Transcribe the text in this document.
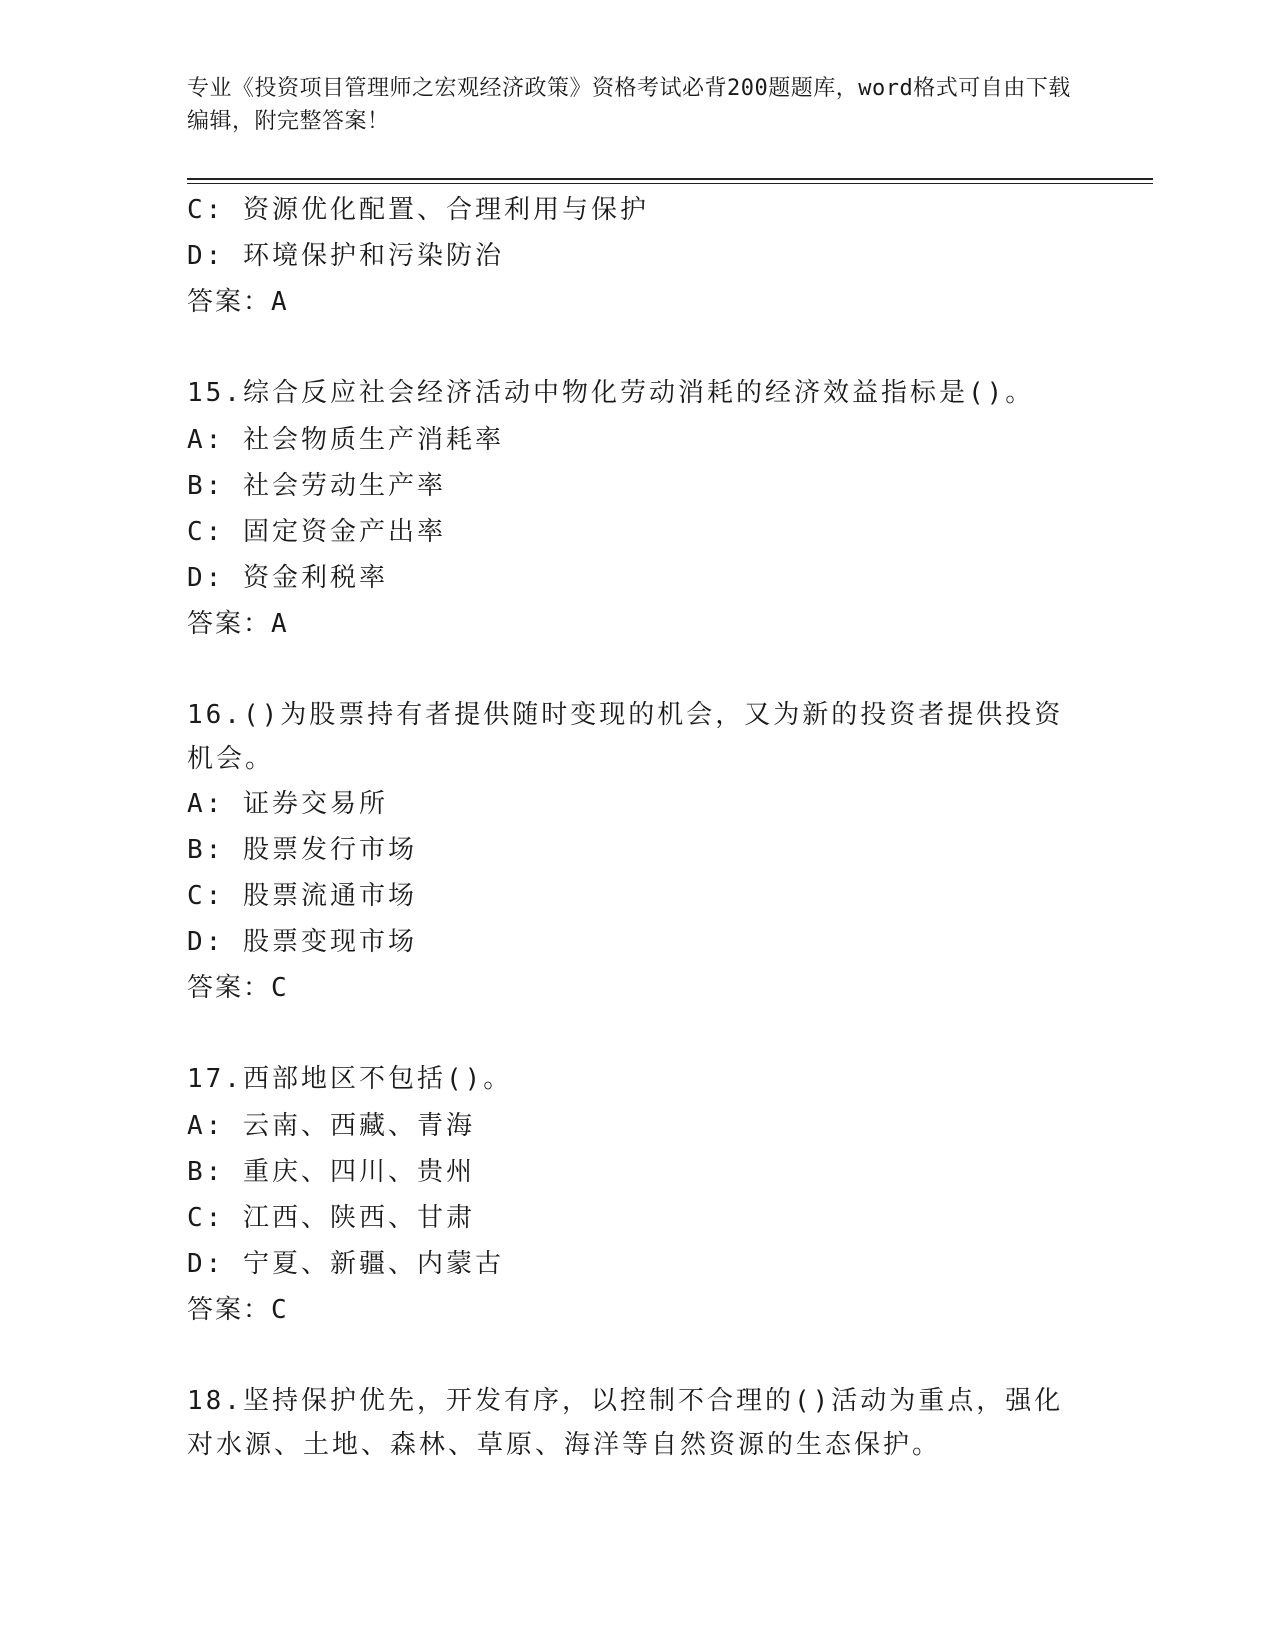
专业《投资项目管理师之宏观经济政策》资格考试必背200题题库，word格式可自由下载编辑，附完整答案！
C: 资源优化配置、合理利用与保护
D: 环境保护和污染防治
答案：A
15.综合反应社会经济活动中物化劳动消耗的经济效益指标是()。
A: 社会物质生产消耗率
B: 社会劳动生产率
C: 固定资金产出率
D: 资金利税率
答案：A
16.()为股票持有者提供随时变现的机会，又为新的投资者提供投资机会。
A: 证券交易所
B: 股票发行市场
C: 股票流通市场
D: 股票变现市场
答案：C
17.西部地区不包括()。
A: 云南、西藏、青海
B: 重庆、四川、贵州
C: 江西、陕西、甘肃
D: 宁夏、新疆、内蒙古
答案：C
18.坚持保护优先，开发有序，以控制不合理的()活动为重点，强化对水源、土地、森林、草原、海洋等自然资源的生态保护。
